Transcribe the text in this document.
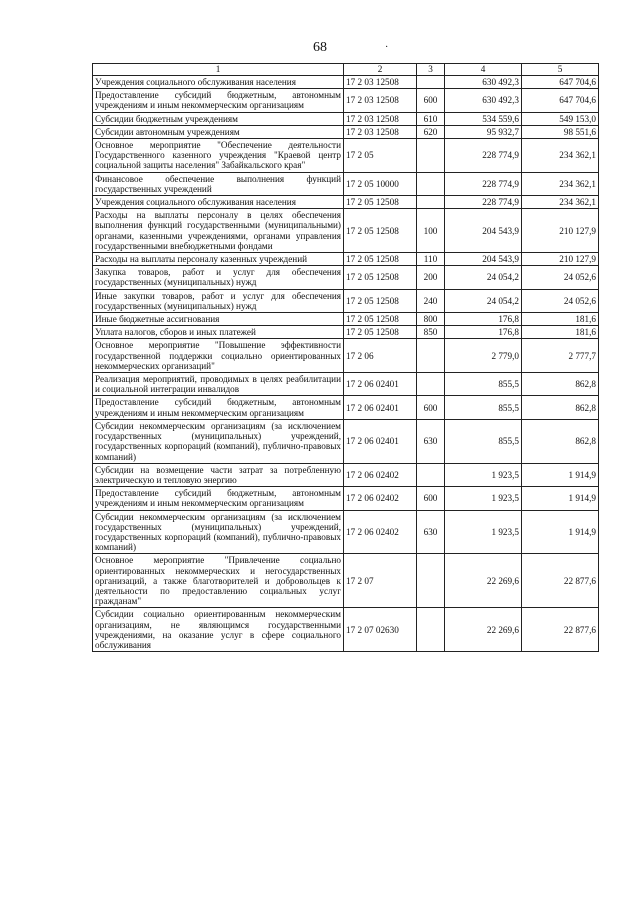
68	·
1	2	3	4	5
Учреждения социального обслуживания населения	17 2 03 12508		630 492,3	647 704,6
Предоставление субсидий бюджетным, автономным учреждениям и иным некоммерческим организациям	17 2 03 12508	600	630 492,3	647 704,6
Субсидии бюджетным учреждениям	17 2 03 12508	610	534 559,6	549 153,0
Субсидии автономным учреждениям	17 2 03 12508	620	95 932,7	98 551,6
Основное мероприятие "Обеспечение деятельности Государственного казенного учреждения "Краевой центр социальной защиты населения" Забайкальского края"	17 2 05		228 774,9	234 362,1
Финансовое обеспечение выполнения функций государственных учреждений	17 2 05 10000		228 774,9	234 362,1
Учреждения социального обслуживания населения	17 2 05 12508		228 774,9	234 362,1
Расходы на выплаты персоналу в целях обеспечения выполнения функций государственными (муниципальными) органами, казенными учреждениями, органами управления государственными внебюджетными фондами	17 2 05 12508	100	204 543,9	210 127,9
Расходы на выплаты персоналу казенных учреждений	17 2 05 12508	110	204 543,9	210 127,9
Закупка товаров, работ и услуг для обеспечения государственных (муниципальных) нужд	17 2 05 12508	200	24 054,2	24 052,6
Иные закупки товаров, работ и услуг для обеспечения государственных (муниципальных) нужд	17 2 05 12508	240	24 054,2	24 052,6
Иные бюджетные ассигнования	17 2 05 12508	800	176,8	181,6
Уплата налогов, сборов и иных платежей	17 2 05 12508	850	176,8	181,6
Основное мероприятие "Повышение эффективности государственной поддержки социально ориентированных некоммерческих организаций"	17 2 06		2 779,0	2 777,7
Реализация мероприятий, проводимых в целях реабилитации и социальной интеграции инвалидов	17 2 06 02401		855,5	862,8
Предоставление субсидий бюджетным, автономным учреждениям и иным некоммерческим организациям	17 2 06 02401	600	855,5	862,8
Субсидии некоммерческим организациям (за исключением государственных (муниципальных) учреждений, государственных корпораций (компаний), публично-правовых компаний)	17 2 06 02401	630	855,5	862,8
Субсидии на возмещение части затрат за потребленную электрическую и тепловую энергию	17 2 06 02402		1 923,5	1 914,9
Предоставление субсидий бюджетным, автономным учреждениям и иным некоммерческим организациям	17 2 06 02402	600	1 923,5	1 914,9
Субсидии некоммерческим организациям (за исключением государственных (муниципальных) учреждений, государственных корпораций (компаний), публично-правовых компаний)	17 2 06 02402	630	1 923,5	1 914,9
Основное мероприятие "Привлечение социально ориентированных некоммерческих и негосударственных организаций, а также благотворителей и добровольцев к деятельности по предоставлению социальных услуг гражданам"	17 2 07		22 269,6	22 877,6
Субсидии социально ориентированным некоммерческим организациям, не являющимся государственными учреждениями, на оказание услуг в сфере социального обслуживания	17 2 07 02630		22 269,6	22 877,6
